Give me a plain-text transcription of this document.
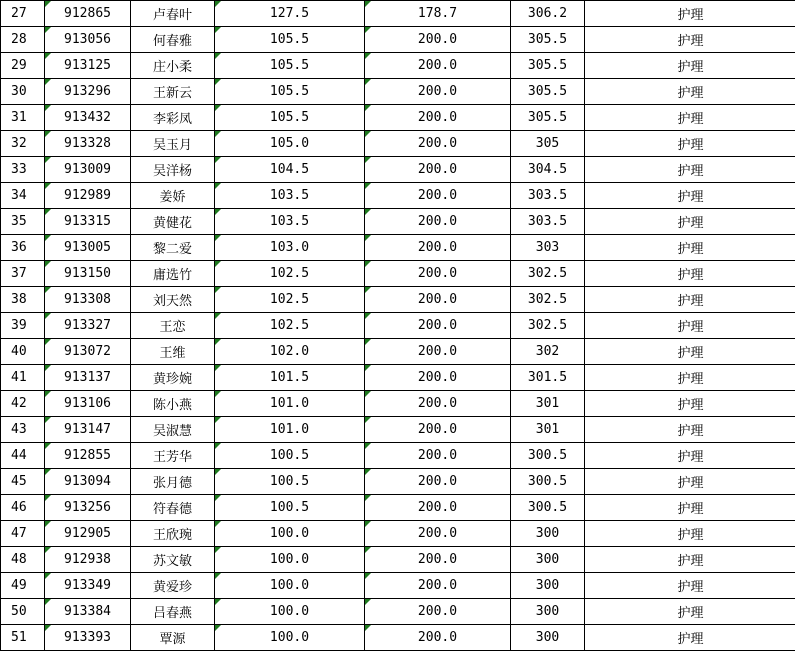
27	912865	卢春叶	127.5	178.7	306.2	护理
28	913056	何春雅	105.5	200.0	305.5	护理
29	913125	庄小柔	105.5	200.0	305.5	护理
30	913296	王新云	105.5	200.0	305.5	护理
31	913432	李彩凤	105.5	200.0	305.5	护理
32	913328	吴玉月	105.0	200.0	305	护理
33	913009	吴洋杨	104.5	200.0	304.5	护理
34	912989	姜娇	103.5	200.0	303.5	护理
35	913315	黄健花	103.5	200.0	303.5	护理
36	913005	黎二爱	103.0	200.0	303	护理
37	913150	庸选竹	102.5	200.0	302.5	护理
38	913308	刘天然	102.5	200.0	302.5	护理
39	913327	王恋	102.5	200.0	302.5	护理
40	913072	王维	102.0	200.0	302	护理
41	913137	黄珍婉	101.5	200.0	301.5	护理
42	913106	陈小燕	101.0	200.0	301	护理
43	913147	吴淑慧	101.0	200.0	301	护理
44	912855	王芳华	100.5	200.0	300.5	护理
45	913094	张月德	100.5	200.0	300.5	护理
46	913256	符春德	100.5	200.0	300.5	护理
47	912905	王欣琬	100.0	200.0	300	护理
48	912938	苏文敏	100.0	200.0	300	护理
49	913349	黄爱珍	100.0	200.0	300	护理
50	913384	吕春燕	100.0	200.0	300	护理
51	913393	覃源	100.0	200.0	300	护理
